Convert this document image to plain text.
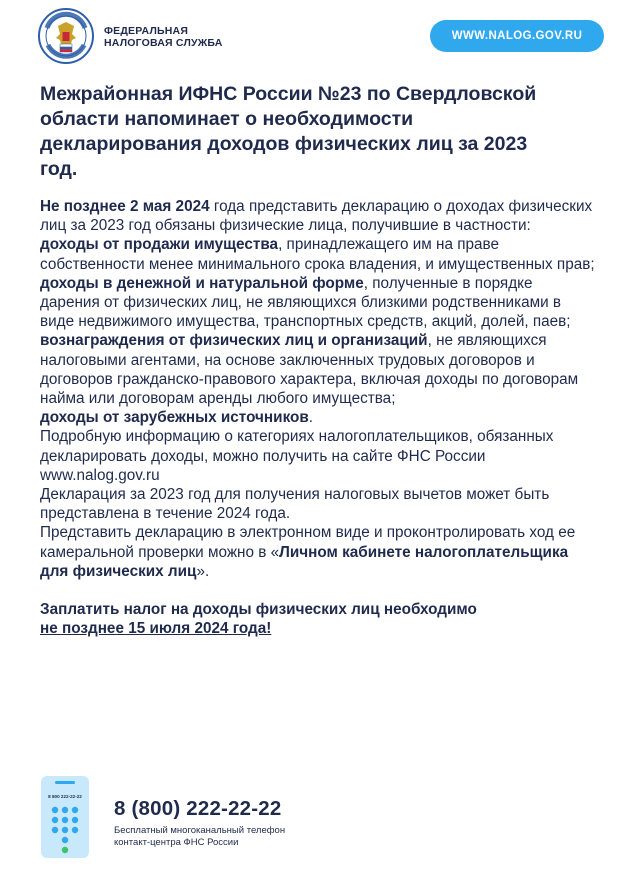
ФЕДЕРАЛЬНАЯ
НАЛОГОВАЯ СЛУЖБА
WWW.NALOG.GOV.RU
Межрайонная ИФНС России №23 по Свердловской области напоминает о необходимости декларирования доходов физических лиц за 2023 год.

Не позднее 2 мая 2024 года представить декларацию о доходах физических лиц за 2023 год обязаны физические лица, получившие в частности:

доходы от продажи имущества, принадлежащего им на праве собственности менее минимального срока владения, и имущественных прав;

доходы в денежной и натуральной форме, полученные в порядке дарения от физических лиц, не являющихся близкими родственниками в виде недвижимого имущества, транспортных средств, акций, долей, паев;

вознаграждения от физических лиц и организаций, не являющихся налоговыми агентами, на основе заключенных трудовых договоров и договоров гражданско-правового характера, включая доходы по договорам найма или договорам аренды любого имущества;

доходы от зарубежных источников.

Подробную информацию о категориях налогоплательщиков, обязанных декларировать доходы, можно получить на сайте ФНС России www.nalog.gov.ru

Декларация за 2023 год для получения налоговых вычетов может быть представлена в течение 2024 года.

Представить декларацию в электронном виде и проконтролировать ход ее камеральной проверки можно в «Личном кабинете налогоплательщика для физических лиц».

Заплатить налог на доходы физических лиц необходимо
не позднее 15 июля 2024 года!

8 800 222-22-22
8 (800) 222-22-22
Бесплатный многоканальный телефон
контакт-центра ФНС России
